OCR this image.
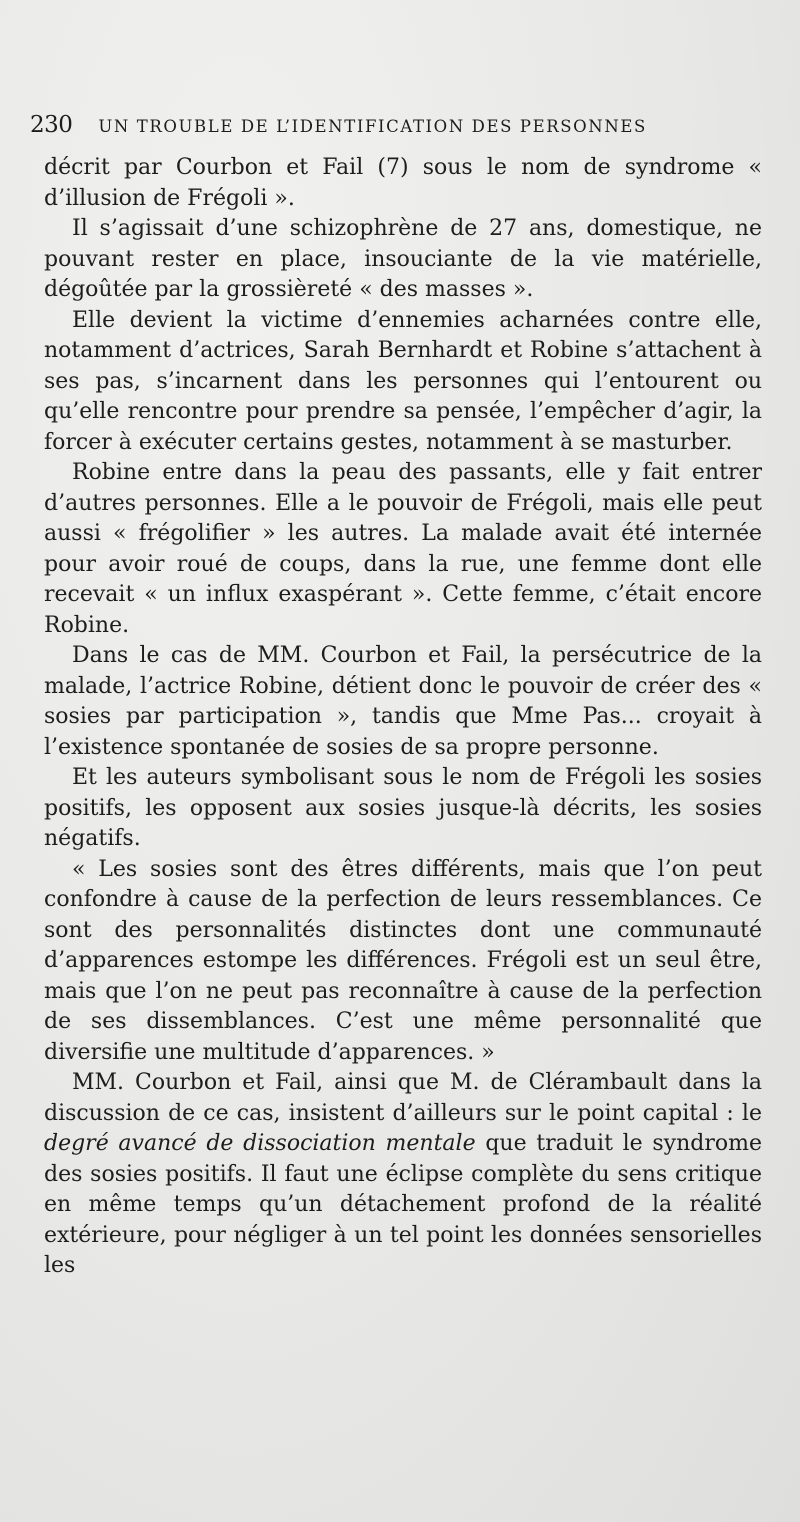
230 UN TROUBLE DE L’IDENTIFICATION DES PERSONNES

décrit par Courbon et Fail (7) sous le nom de syndrome « d’illusion de Frégoli ».

Il s’agissait d’une schizophrène de 27 ans, domestique, ne pouvant rester en place, insouciante de la vie matérielle, dégoûtée par la grossièreté « des masses ».

Elle devient la victime d’ennemies acharnées contre elle, notamment d’actrices, Sarah Bernhardt et Robine s’attachent à ses pas, s’incarnent dans les personnes qui l’entourent ou qu’elle rencontre pour prendre sa pensée, l’empêcher d’agir, la forcer à exécuter certains gestes, notamment à se masturber.

Robine entre dans la peau des passants, elle y fait entrer d’autres personnes. Elle a le pouvoir de Frégoli, mais elle peut aussi « frégolifier » les autres. La malade avait été internée pour avoir roué de coups, dans la rue, une femme dont elle recevait « un influx exaspérant ». Cette femme, c’était encore Robine.

Dans le cas de MM. Courbon et Fail, la persécutrice de la malade, l’actrice Robine, détient donc le pouvoir de créer des « sosies par participation », tandis que Mme Pas... croyait à l’existence spontanée de sosies de sa propre personne.

Et les auteurs symbolisant sous le nom de Frégoli les sosies positifs, les opposent aux sosies jusque-là décrits, les sosies négatifs.

« Les sosies sont des êtres différents, mais que l’on peut confondre à cause de la perfection de leurs ressemblances. Ce sont des personnalités distinctes dont une communauté d’apparences estompe les différences. Frégoli est un seul être, mais que l’on ne peut pas reconnaître à cause de la perfection de ses dissemblances. C’est une même personnalité que diversifie une multitude d’apparences. »

MM. Courbon et Fail, ainsi que M. de Clérambault dans la discussion de ce cas, insistent d’ailleurs sur le point capital : le degré avancé de dissociation mentale que traduit le syndrome des sosies positifs. Il faut une éclipse complète du sens critique en même temps qu’un détachement profond de la réalité extérieure, pour négliger à un tel point les données sensorielles les
